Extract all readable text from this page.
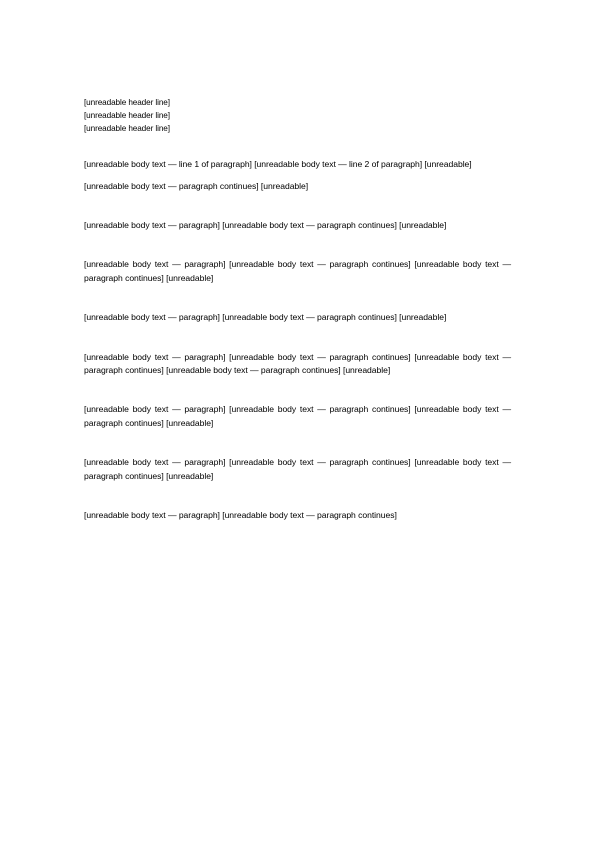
[unreadable header line]
[unreadable header line]
[unreadable header line]

[unreadable body text — line 1 of paragraph] [unreadable body text — line 2 of paragraph] [unreadable]

[unreadable body text — paragraph continues] [unreadable]

[unreadable body text — paragraph] [unreadable body text — paragraph continues] [unreadable]

[unreadable body text — paragraph] [unreadable body text — paragraph continues] [unreadable body text — paragraph continues] [unreadable]

[unreadable body text — paragraph] [unreadable body text — paragraph continues] [unreadable]

[unreadable body text — paragraph] [unreadable body text — paragraph continues] [unreadable body text — paragraph continues] [unreadable body text — paragraph continues] [unreadable]

[unreadable body text — paragraph] [unreadable body text — paragraph continues] [unreadable body text — paragraph continues] [unreadable]

[unreadable body text — paragraph] [unreadable body text — paragraph continues] [unreadable body text — paragraph continues] [unreadable]

[unreadable body text — paragraph] [unreadable body text — paragraph continues]
